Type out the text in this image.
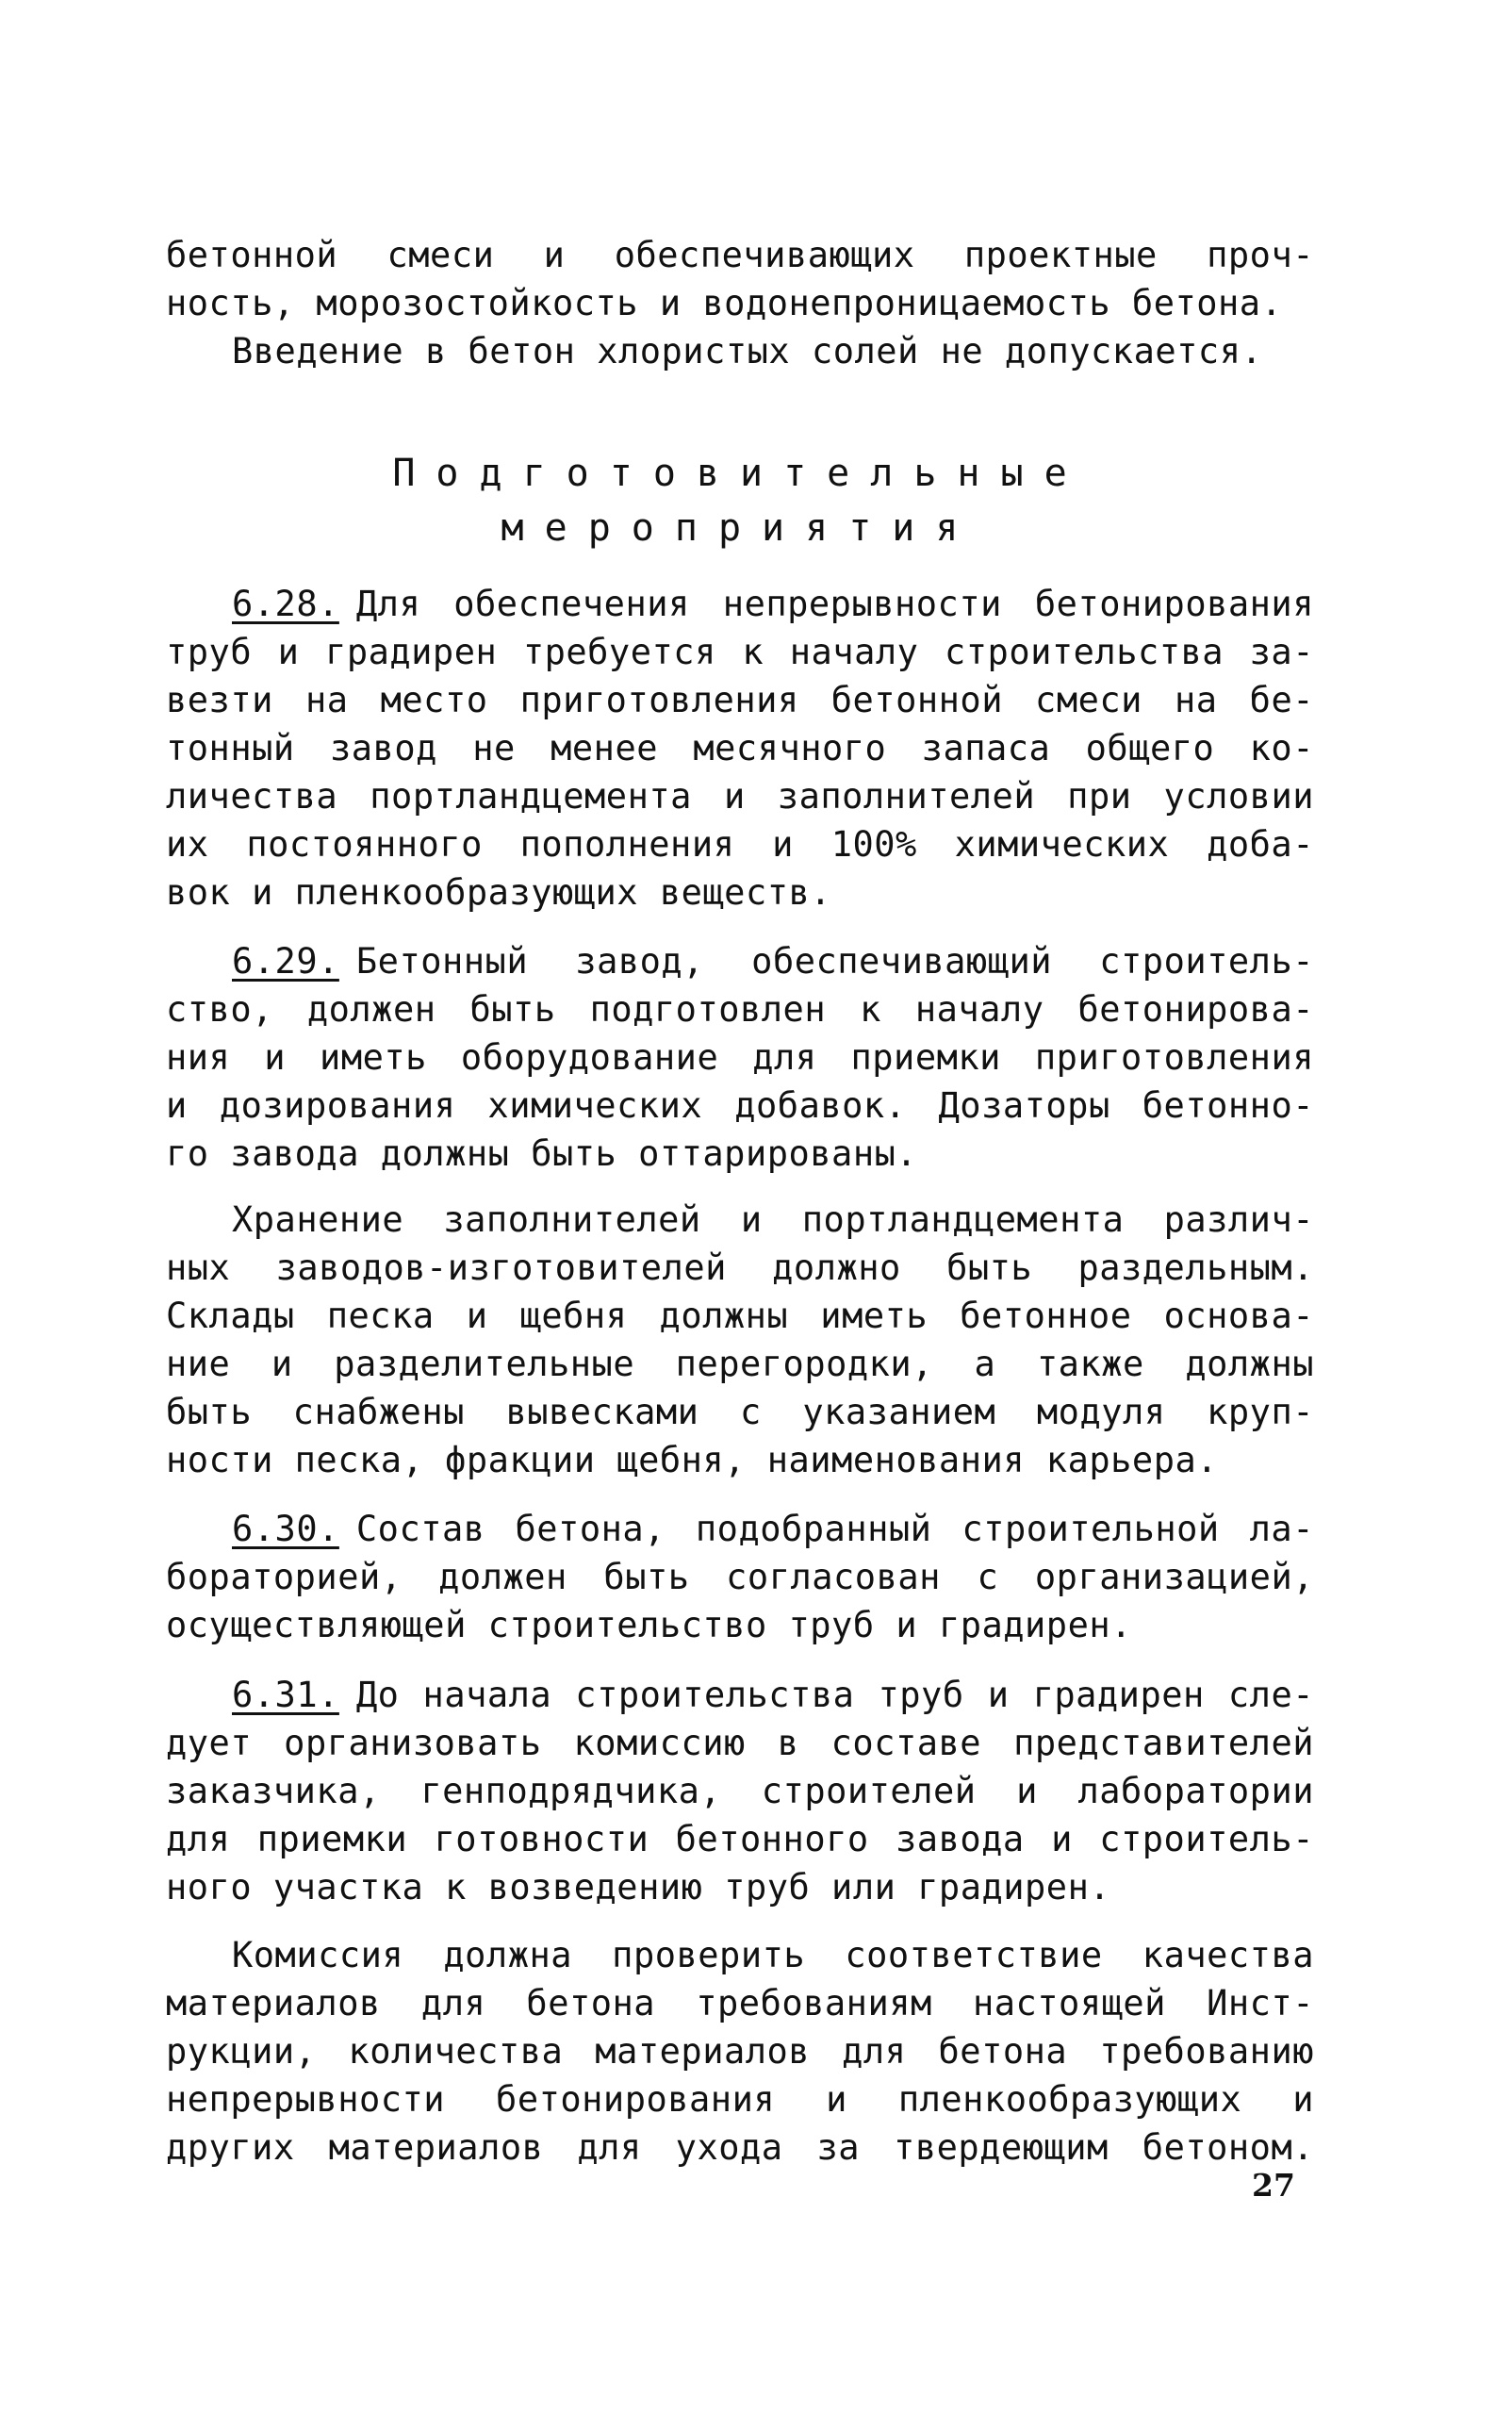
бетонной смеси и обеспечивающих проектные проч-
ность, морозостойкость и водонепроницаемость бетона.
Введение в бетон хлористых солей не допускается.
Подготовительные
мероприятия
6.28. Для обеспечения непрерывности бетонирования
труб и градирен требуется к началу строительства за-
везти на место приготовления бетонной смеси на бе-
тонный завод не менее месячного запаса общего ко-
личества портландцемента и заполнителей при условии
их постоянного пополнения и 100% химических доба-
вок и пленкообразующих веществ.
6.29. Бетонный завод, обеспечивающий строитель-
ство, должен быть подготовлен к началу бетонирова-
ния и иметь оборудование для приемки приготовления
и дозирования химических добавок. Дозаторы бетонно-
го завода должны быть оттарированы.
Хранение заполнителей и портландцемента различ-
ных заводов-изготовителей должно быть раздельным.
Склады песка и щебня должны иметь бетонное основа-
ние и разделительные перегородки, а также должны
быть снабжены вывесками с указанием модуля круп-
ности песка, фракции щебня, наименования карьера.
6.30. Состав бетона, подобранный строительной ла-
бораторией, должен быть согласован с организацией,
осуществляющей строительство труб и градирен.
6.31. До начала строительства труб и градирен сле-
дует организовать комиссию в составе представителей
заказчика, генподрядчика, строителей и лаборатории
для приемки готовности бетонного завода и строитель-
ного участка к возведению труб или градирен.
Комиссия должна проверить соответствие качества
материалов для бетона требованиям настоящей Инст-
рукции, количества материалов для бетона требованию
непрерывности бетонирования и пленкообразующих и
других материалов для ухода за твердеющим бетоном.
27
